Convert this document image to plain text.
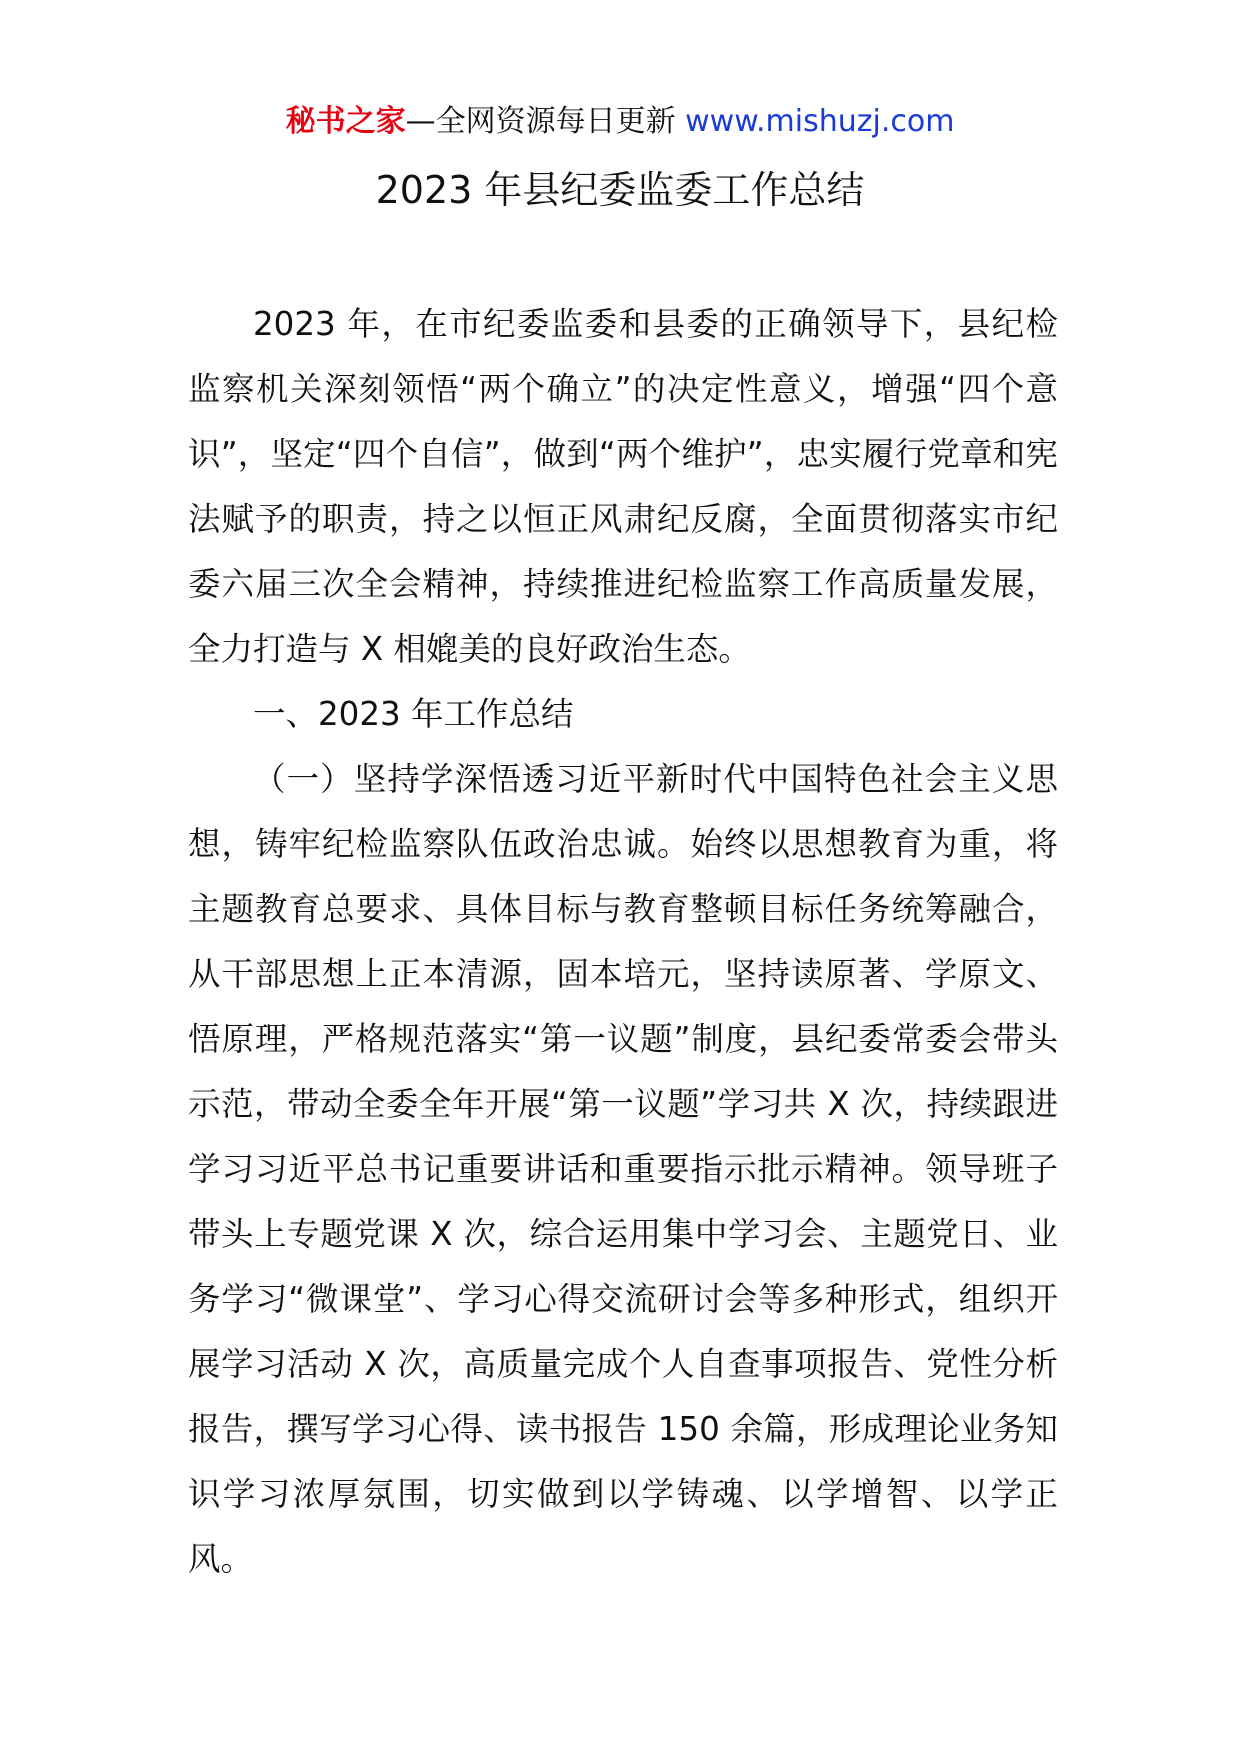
秘书之家—全网资源每日更新 www.mishuzj.com
2023 年县纪委监委工作总结

2023 年，在市纪委监委和县委的正确领导下，县纪检监察机关深刻领悟“两个确立”的决定性意义，增强“四个意识”，坚定“四个自信”，做到“两个维护”，忠实履行党章和宪法赋予的职责，持之以恒正风肃纪反腐，全面贯彻落实市纪委六届三次全会精神，持续推进纪检监察工作高质量发展，全力打造与 X 相媲美的良好政治生态。

一、2023 年工作总结

（一）坚持学深悟透习近平新时代中国特色社会主义思想，铸牢纪检监察队伍政治忠诚。始终以思想教育为重，将主题教育总要求、具体目标与教育整顿目标任务统筹融合，从干部思想上正本清源，固本培元，坚持读原著、学原文、悟原理，严格规范落实“第一议题”制度，县纪委常委会带头示范，带动全委全年开展“第一议题”学习共 X 次，持续跟进学习习近平总书记重要讲话和重要指示批示精神。领导班子带头上专题党课 X 次，综合运用集中学习会、主题党日、业务学习“微课堂”、学习心得交流研讨会等多种形式，组织开展学习活动 X 次，高质量完成个人自查事项报告、党性分析报告，撰写学习心得、读书报告 150 余篇，形成理论业务知识学习浓厚氛围，切实做到以学铸魂、以学增智、以学正风。
